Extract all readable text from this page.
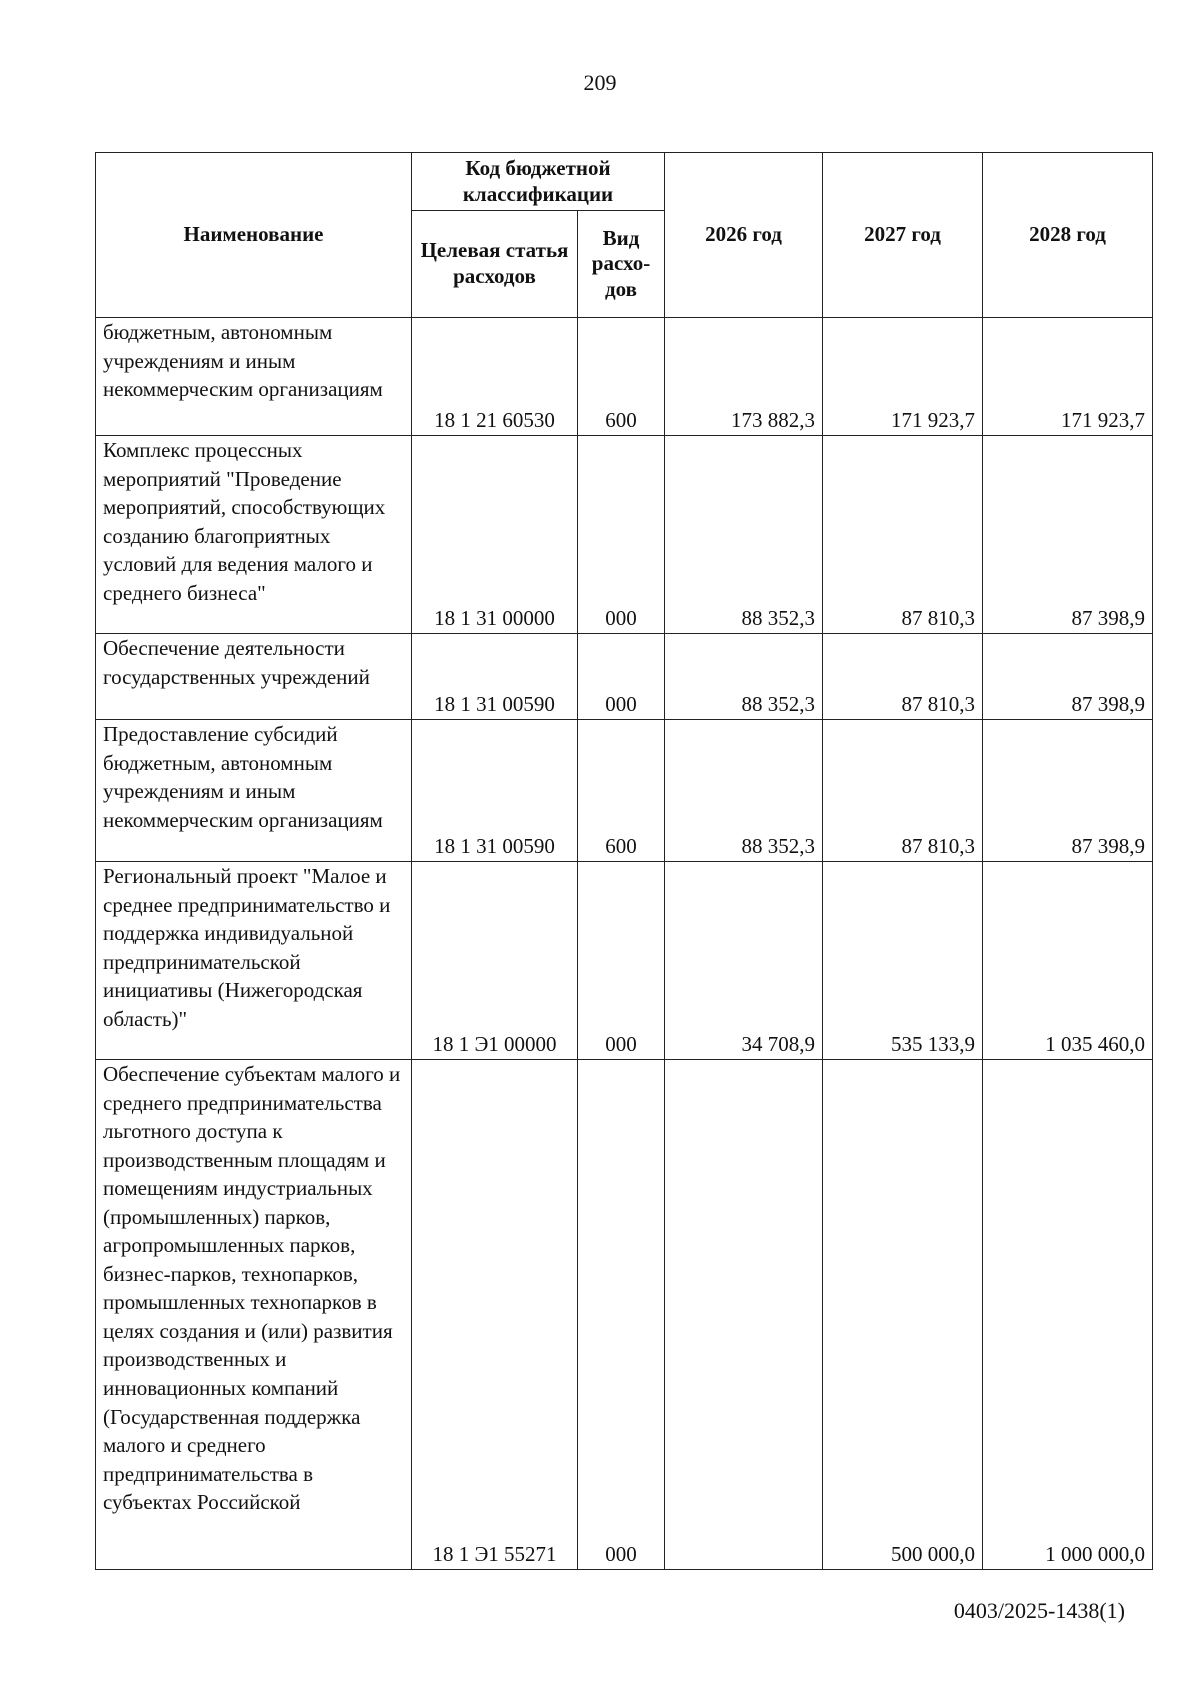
209
Наименование	Код бюджетной классификации		2026 год	2027 год	2028 год
	Целевая статья расходов	Вид расхо-дов			
бюджетным, автономным учреждениям и иным некоммерческим организациям	18 1 21 60530	600	173 882,3	171 923,7	171 923,7
Комплекс процессных мероприятий "Проведение мероприятий, способствующих созданию благоприятных условий для ведения малого и среднего бизнеса"	18 1 31 00000	000	88 352,3	87 810,3	87 398,9
Обеспечение деятельности государственных учреждений	18 1 31 00590	000	88 352,3	87 810,3	87 398,9
Предоставление субсидий бюджетным, автономным учреждениям и иным некоммерческим организациям	18 1 31 00590	600	88 352,3	87 810,3	87 398,9
Региональный проект "Малое и среднее предпринимательство и поддержка индивидуальной предпринимательской инициативы (Нижегородская область)"	18 1 Э1 00000	000	34 708,9	535 133,9	1 035 460,0
Обеспечение субъектам малого и среднего предпринимательства льготного доступа к производственным площадям и помещениям индустриальных (промышленных) парков, агропромышленных парков, бизнес-парков, технопарков, промышленных технопарков в целях создания и (или) развития производственных и инновационных компаний (Государственная поддержка малого и среднего предпринимательства в субъектах Российской	18 1 Э1 55271	000		500 000,0	1 000 000,0
0403/2025-1438(1)
